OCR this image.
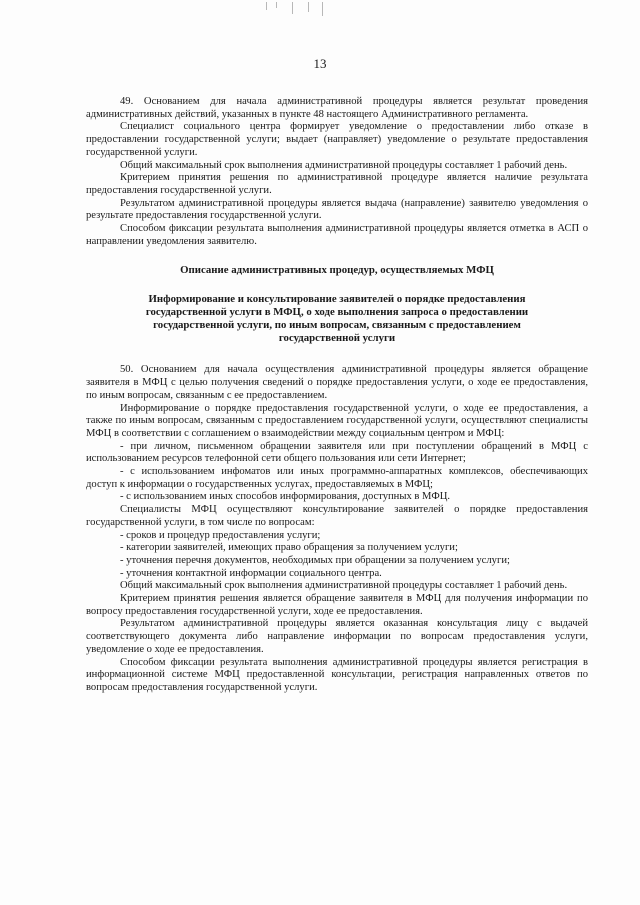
13

49. Основанием для начала административной процедуры является результат проведения административных действий, указанных в пункте 48 настоящего Административного регламента.

Специалист социального центра формирует уведомление о предоставлении либо отказе в предоставлении государственной услуги; выдает (направляет) уведомление о результате предоставления государственной услуги.

Общий максимальный срок выполнения административной процедуры составляет 1 рабочий день.

Критерием принятия решения по административной процедуре является наличие результата предоставления государственной услуги.

Результатом административной процедуры является выдача (направление) заявителю уведомления о результате предоставления государственной услуги.

Способом фиксации результата выполнения административной процедуры является отметка в АСП о направлении уведомления заявителю.

Описание административных процедур, осуществляемых МФЦ

Информирование и консультирование заявителей о порядке предоставления государственной услуги в МФЦ, о ходе выполнения запроса о предоставлении государственной услуги, по иным вопросам, связанным с предоставлением государственной услуги

50. Основанием для начала осуществления административной процедуры является обращение заявителя в МФЦ с целью получения сведений о порядке предоставления услуги, о ходе ее предоставления, по иным вопросам, связанным с ее предоставлением.

Информирование о порядке предоставления государственной услуги, о ходе ее предоставления, а также по иным вопросам, связанным с предоставлением государственной услуги, осуществляют специалисты МФЦ в соответствии с соглашением о взаимодействии между социальным центром и МФЦ:

- при личном, письменном обращении заявителя или при поступлении обращений в МФЦ с использованием ресурсов телефонной сети общего пользования или сети Интернет;

- с использованием инфоматов или иных программно-аппаратных комплексов, обеспечивающих доступ к информации о государственных услугах, предоставляемых в МФЦ;

- с использованием иных способов информирования, доступных в МФЦ.

Специалисты МФЦ осуществляют консультирование заявителей о порядке предоставления государственной услуги, в том числе по вопросам:

- сроков и процедур предоставления услуги;

- категории заявителей, имеющих право обращения за получением услуги;

- уточнения перечня документов, необходимых при обращении за получением услуги;

- уточнения контактной информации социального центра.

Общий максимальный срок выполнения административной процедуры составляет 1 рабочий день.

Критерием принятия решения является обращение заявителя в МФЦ для получения информации по вопросу предоставления государственной услуги, ходе ее предоставления.

Результатом административной процедуры является оказанная консультация лицу с выдачей соответствующего документа либо направление информации по вопросам предоставления услуги, уведомление о ходе ее предоставления.

Способом фиксации результата выполнения административной процедуры является регистрация в информационной системе МФЦ предоставленной консультации, регистрация направленных ответов по вопросам предоставления государственной услуги.
